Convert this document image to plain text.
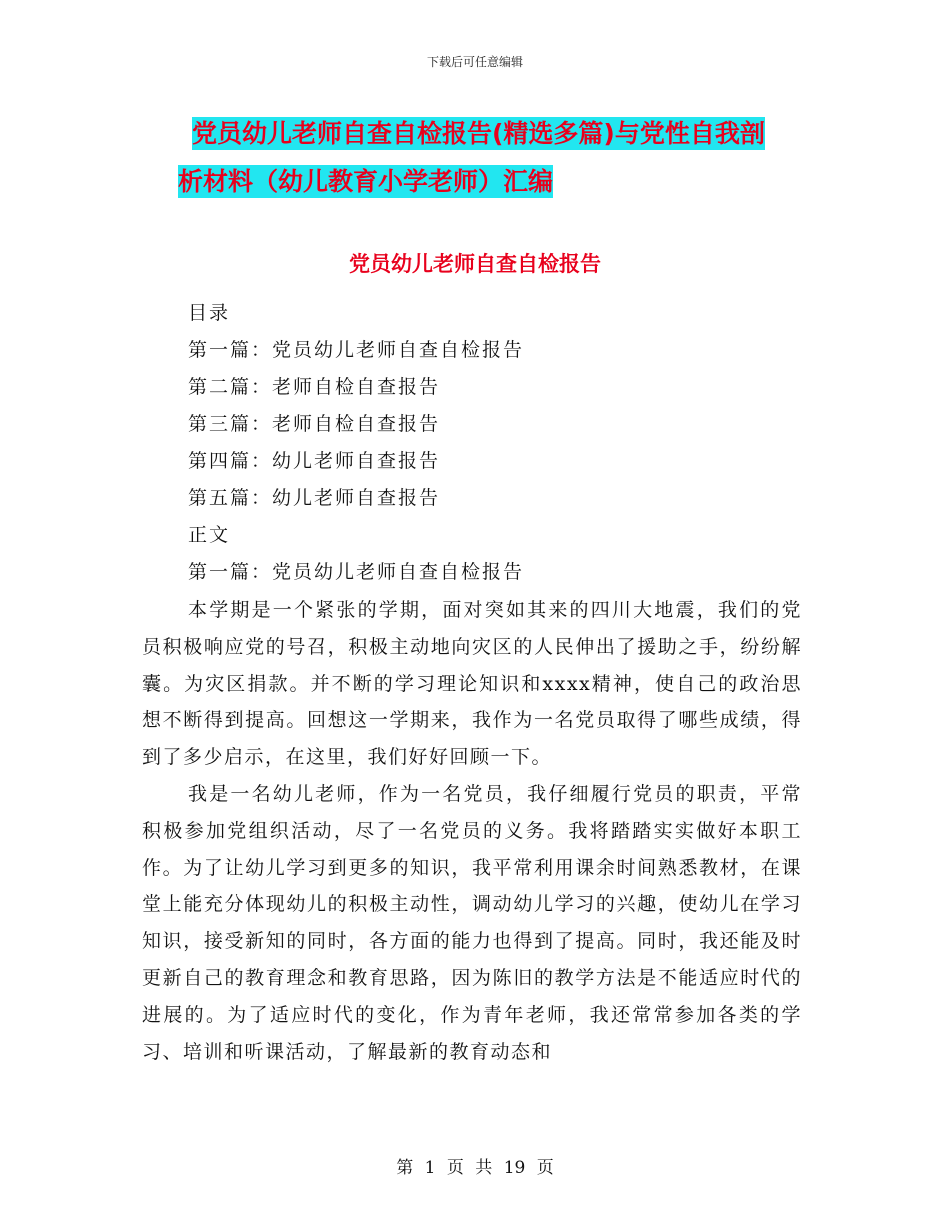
下载后可任意编辑
党员幼儿老师自查自检报告(精选多篇)与党性自我剖
析材料（幼儿教育小学老师）汇编
党员幼儿老师自查自检报告
目录
第一篇：党员幼儿老师自查自检报告
第二篇：老师自检自查报告
第三篇：老师自检自查报告
第四篇：幼儿老师自查报告
第五篇：幼儿老师自查报告
正文
第一篇：党员幼儿老师自查自检报告

本学期是一个紧张的学期，面对突如其来的四川大地震，我们的党员积极响应党的号召，积极主动地向灾区的人民伸出了援助之手，纷纷解囊。为灾区捐款。并不断的学习理论知识和xxxx精神，使自己的政治思想不断得到提高。回想这一学期来，我作为一名党员取得了哪些成绩，得到了多少启示，在这里，我们好好回顾一下。

我是一名幼儿老师，作为一名党员，我仔细履行党员的职责，平常积极参加党组织活动，尽了一名党员的义务。我将踏踏实实做好本职工作。为了让幼儿学习到更多的知识，我平常利用课余时间熟悉教材，在课堂上能充分体现幼儿的积极主动性，调动幼儿学习的兴趣，使幼儿在学习知识，接受新知的同时，各方面的能力也得到了提高。同时，我还能及时更新自己的教育理念和教育思路，因为陈旧的教学方法是不能适应时代的进展的。为了适应时代的变化，作为青年老师，我还常常参加各类的学习、培训和听课活动，了解最新的教育动态和

第 1 页 共 19 页
